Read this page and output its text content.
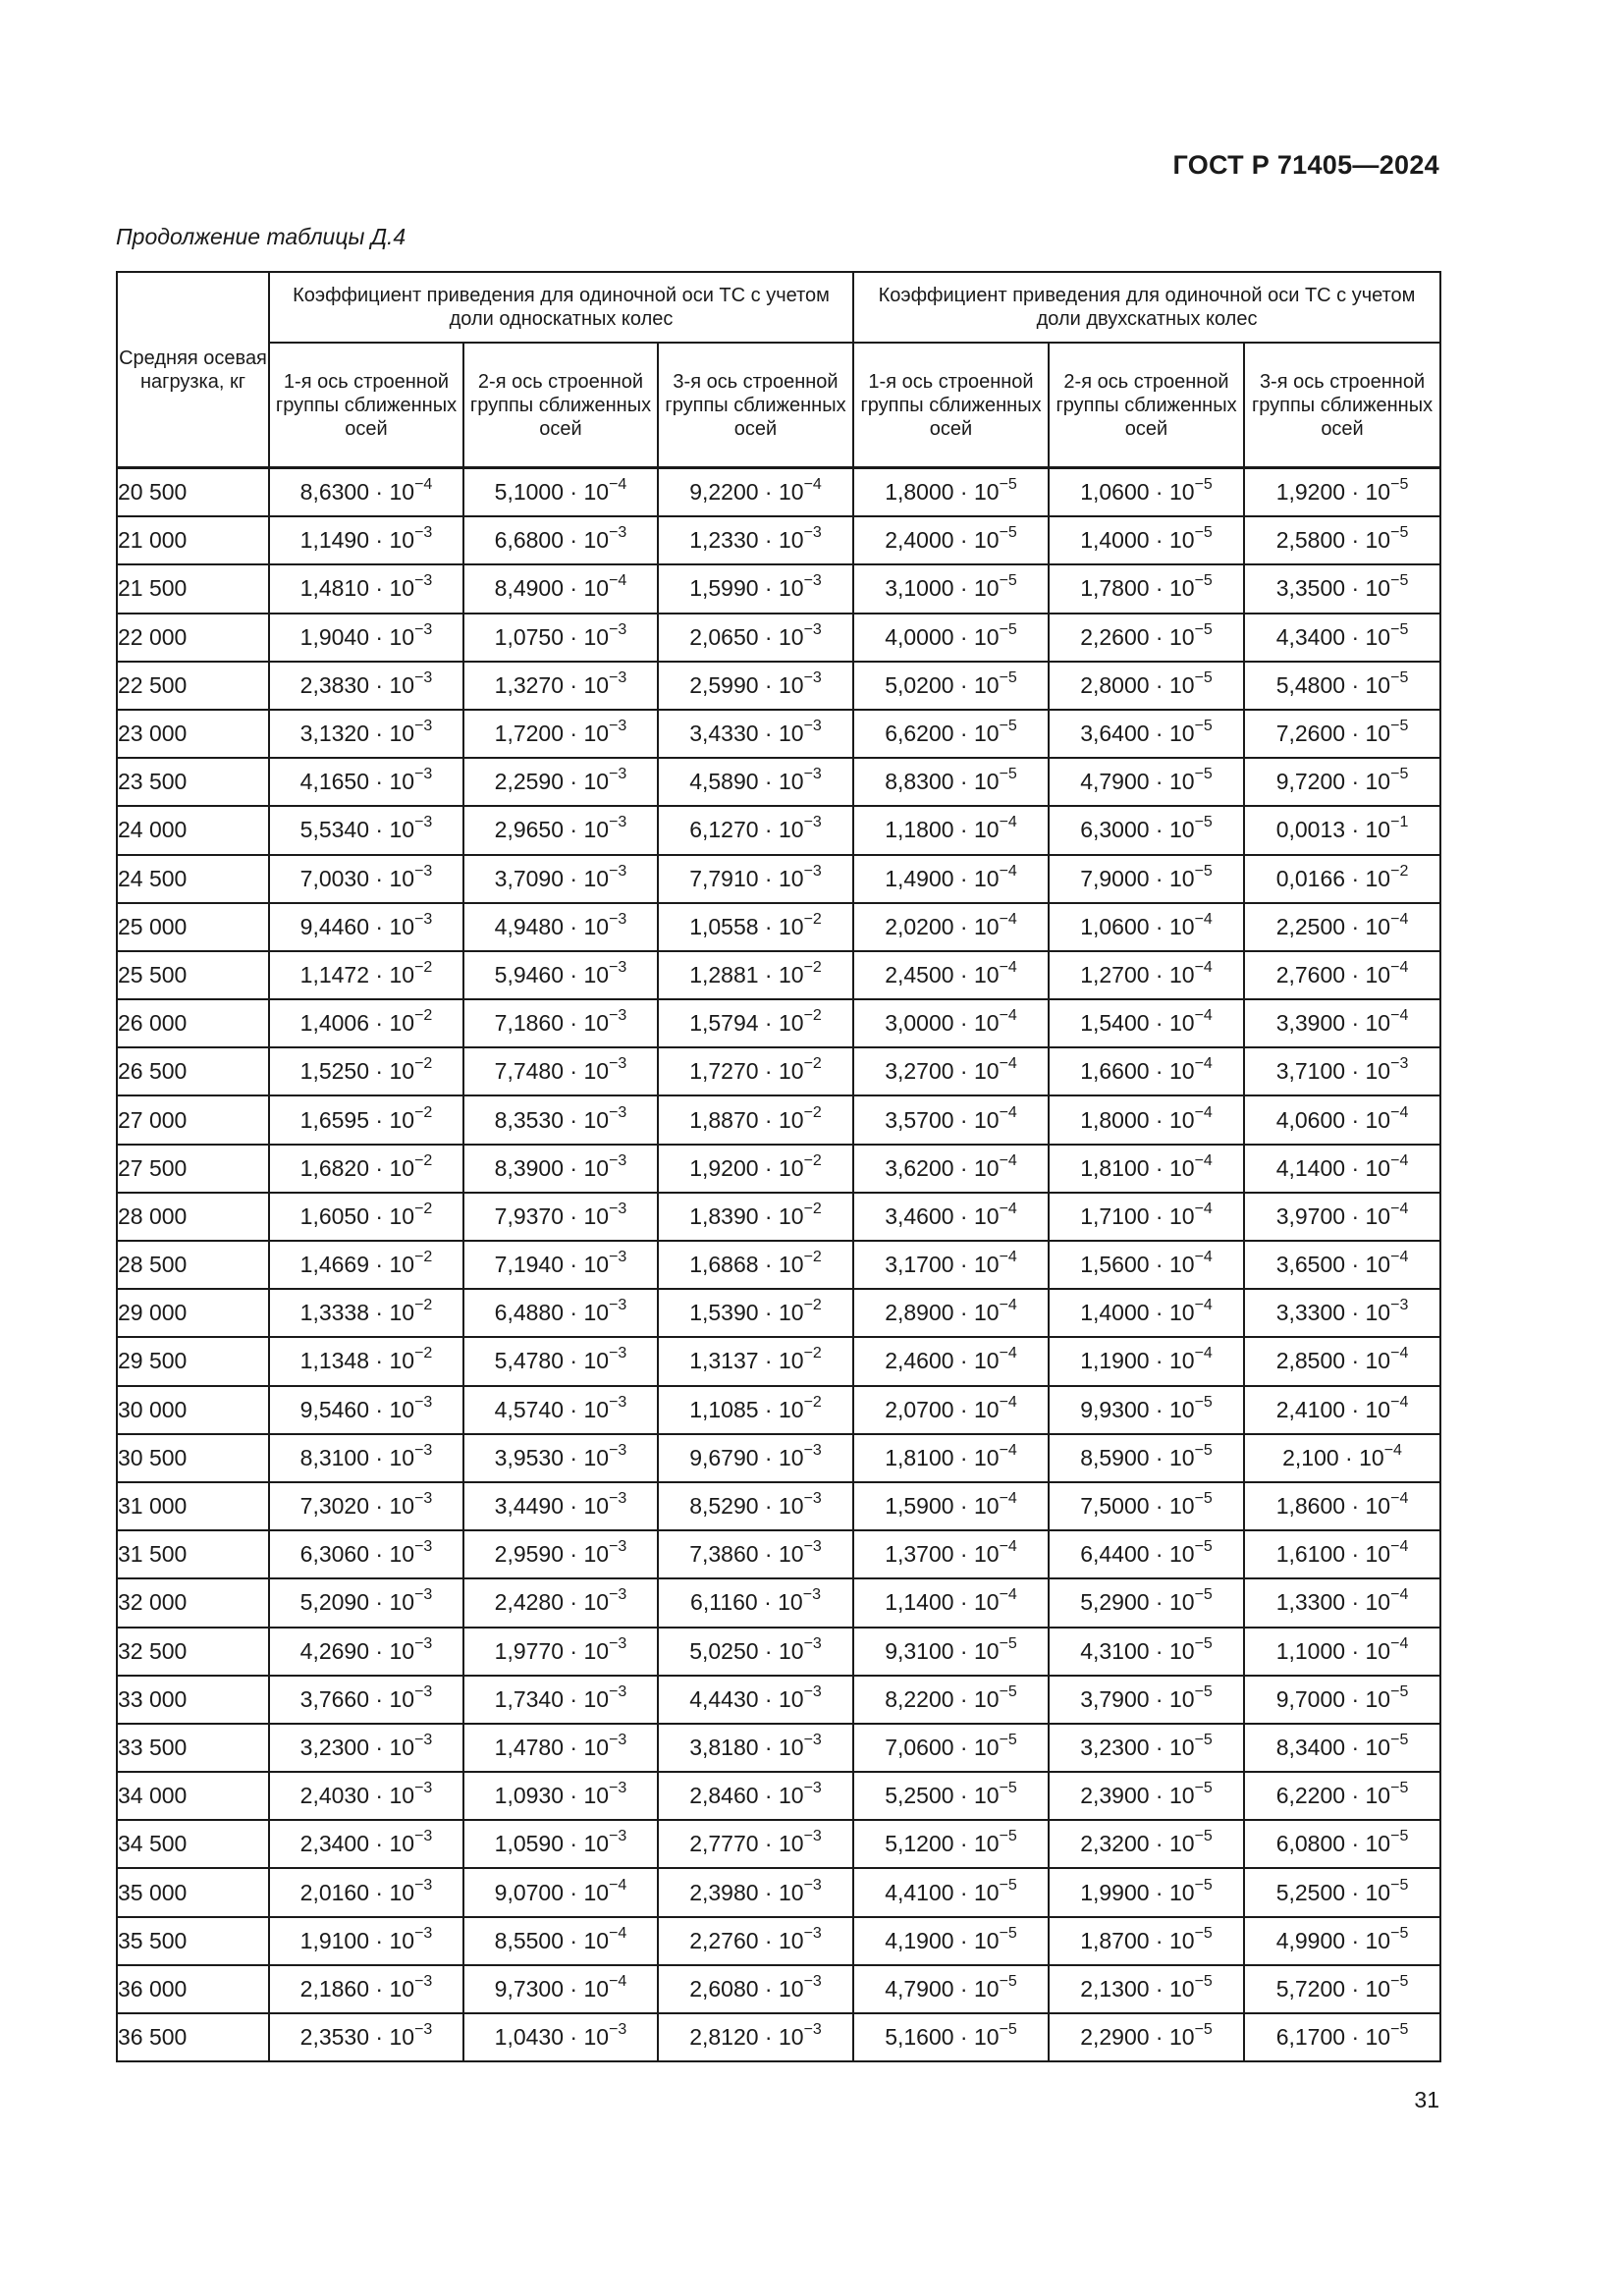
ГОСТ Р 71405—2024
Продолжение таблицы Д.4
Средняя осевая нагрузка, кг	Коэффициент приведения для одиночной оси ТС с учетом доли односкатных колес			Коэффициент приведения для одиночной оси ТС с учетом доли двухскатных колес		
	1-я ось строенной группы сближенных осей	2-я ось строенной группы сближенных осей	3-я ось строенной группы сближенных осей	1-я ось строенной группы сближенных осей	2-я ось строенной группы сближенных осей	3-я ось строенной группы сближенных осей
20 500	$8,6300 \cdot 10^{-4}$	$5,1000 \cdot 10^{-4}$	$9,2200 \cdot 10^{-4}$	$1,8000 \cdot 10^{-5}$	$1,0600 \cdot 10^{-5}$	$1,9200 \cdot 10^{-5}$
21 000	$1,1490 \cdot 10^{-3}$	$6,6800 \cdot 10^{-3}$	$1,2330 \cdot 10^{-3}$	$2,4000 \cdot 10^{-5}$	$1,4000 \cdot 10^{-5}$	$2,5800 \cdot 10^{-5}$
21 500	$1,4810 \cdot 10^{-3}$	$8,4900 \cdot 10^{-4}$	$1,5990 \cdot 10^{-3}$	$3,1000 \cdot 10^{-5}$	$1,7800 \cdot 10^{-5}$	$3,3500 \cdot 10^{-5}$
22 000	$1,9040 \cdot 10^{-3}$	$1,0750 \cdot 10^{-3}$	$2,0650 \cdot 10^{-3}$	$4,0000 \cdot 10^{-5}$	$2,2600 \cdot 10^{-5}$	$4,3400 \cdot 10^{-5}$
22 500	$2,3830 \cdot 10^{-3}$	$1,3270 \cdot 10^{-3}$	$2,5990 \cdot 10^{-3}$	$5,0200 \cdot 10^{-5}$	$2,8000 \cdot 10^{-5}$	$5,4800 \cdot 10^{-5}$
23 000	$3,1320 \cdot 10^{-3}$	$1,7200 \cdot 10^{-3}$	$3,4330 \cdot 10^{-3}$	$6,6200 \cdot 10^{-5}$	$3,6400 \cdot 10^{-5}$	$7,2600 \cdot 10^{-5}$
23 500	$4,1650 \cdot 10^{-3}$	$2,2590 \cdot 10^{-3}$	$4,5890 \cdot 10^{-3}$	$8,8300 \cdot 10^{-5}$	$4,7900 \cdot 10^{-5}$	$9,7200 \cdot 10^{-5}$
24 000	$5,5340 \cdot 10^{-3}$	$2,9650 \cdot 10^{-3}$	$6,1270 \cdot 10^{-3}$	$1,1800 \cdot 10^{-4}$	$6,3000 \cdot 10^{-5}$	$0,0013 \cdot 10^{-1}$
24 500	$7,0030 \cdot 10^{-3}$	$3,7090 \cdot 10^{-3}$	$7,7910 \cdot 10^{-3}$	$1,4900 \cdot 10^{-4}$	$7,9000 \cdot 10^{-5}$	$0,0166 \cdot 10^{-2}$
25 000	$9,4460 \cdot 10^{-3}$	$4,9480 \cdot 10^{-3}$	$1,0558 \cdot 10^{-2}$	$2,0200 \cdot 10^{-4}$	$1,0600 \cdot 10^{-4}$	$2,2500 \cdot 10^{-4}$
25 500	$1,1472 \cdot 10^{-2}$	$5,9460 \cdot 10^{-3}$	$1,2881 \cdot 10^{-2}$	$2,4500 \cdot 10^{-4}$	$1,2700 \cdot 10^{-4}$	$2,7600 \cdot 10^{-4}$
26 000	$1,4006 \cdot 10^{-2}$	$7,1860 \cdot 10^{-3}$	$1,5794 \cdot 10^{-2}$	$3,0000 \cdot 10^{-4}$	$1,5400 \cdot 10^{-4}$	$3,3900 \cdot 10^{-4}$
26 500	$1,5250 \cdot 10^{-2}$	$7,7480 \cdot 10^{-3}$	$1,7270 \cdot 10^{-2}$	$3,2700 \cdot 10^{-4}$	$1,6600 \cdot 10^{-4}$	$3,7100 \cdot 10^{-3}$
27 000	$1,6595 \cdot 10^{-2}$	$8,3530 \cdot 10^{-3}$	$1,8870 \cdot 10^{-2}$	$3,5700 \cdot 10^{-4}$	$1,8000 \cdot 10^{-4}$	$4,0600 \cdot 10^{-4}$
27 500	$1,6820 \cdot 10^{-2}$	$8,3900 \cdot 10^{-3}$	$1,9200 \cdot 10^{-2}$	$3,6200 \cdot 10^{-4}$	$1,8100 \cdot 10^{-4}$	$4,1400 \cdot 10^{-4}$
28 000	$1,6050 \cdot 10^{-2}$	$7,9370 \cdot 10^{-3}$	$1,8390 \cdot 10^{-2}$	$3,4600 \cdot 10^{-4}$	$1,7100 \cdot 10^{-4}$	$3,9700 \cdot 10^{-4}$
28 500	$1,4669 \cdot 10^{-2}$	$7,1940 \cdot 10^{-3}$	$1,6868 \cdot 10^{-2}$	$3,1700 \cdot 10^{-4}$	$1,5600 \cdot 10^{-4}$	$3,6500 \cdot 10^{-4}$
29 000	$1,3338 \cdot 10^{-2}$	$6,4880 \cdot 10^{-3}$	$1,5390 \cdot 10^{-2}$	$2,8900 \cdot 10^{-4}$	$1,4000 \cdot 10^{-4}$	$3,3300 \cdot 10^{-3}$
29 500	$1,1348 \cdot 10^{-2}$	$5,4780 \cdot 10^{-3}$	$1,3137 \cdot 10^{-2}$	$2,4600 \cdot 10^{-4}$	$1,1900 \cdot 10^{-4}$	$2,8500 \cdot 10^{-4}$
30 000	$9,5460 \cdot 10^{-3}$	$4,5740 \cdot 10^{-3}$	$1,1085 \cdot 10^{-2}$	$2,0700 \cdot 10^{-4}$	$9,9300 \cdot 10^{-5}$	$2,4100 \cdot 10^{-4}$
30 500	$8,3100 \cdot 10^{-3}$	$3,9530 \cdot 10^{-3}$	$9,6790 \cdot 10^{-3}$	$1,8100 \cdot 10^{-4}$	$8,5900 \cdot 10^{-5}$	$2,100 \cdot 10^{-4}$
31 000	$7,3020 \cdot 10^{-3}$	$3,4490 \cdot 10^{-3}$	$8,5290 \cdot 10^{-3}$	$1,5900 \cdot 10^{-4}$	$7,5000 \cdot 10^{-5}$	$1,8600 \cdot 10^{-4}$
31 500	$6,3060 \cdot 10^{-3}$	$2,9590 \cdot 10^{-3}$	$7,3860 \cdot 10^{-3}$	$1,3700 \cdot 10^{-4}$	$6,4400 \cdot 10^{-5}$	$1,6100 \cdot 10^{-4}$
32 000	$5,2090 \cdot 10^{-3}$	$2,4280 \cdot 10^{-3}$	$6,1160 \cdot 10^{-3}$	$1,1400 \cdot 10^{-4}$	$5,2900 \cdot 10^{-5}$	$1,3300 \cdot 10^{-4}$
32 500	$4,2690 \cdot 10^{-3}$	$1,9770 \cdot 10^{-3}$	$5,0250 \cdot 10^{-3}$	$9,3100 \cdot 10^{-5}$	$4,3100 \cdot 10^{-5}$	$1,1000 \cdot 10^{-4}$
33 000	$3,7660 \cdot 10^{-3}$	$1,7340 \cdot 10^{-3}$	$4,4430 \cdot 10^{-3}$	$8,2200 \cdot 10^{-5}$	$3,7900 \cdot 10^{-5}$	$9,7000 \cdot 10^{-5}$
33 500	$3,2300 \cdot 10^{-3}$	$1,4780 \cdot 10^{-3}$	$3,8180 \cdot 10^{-3}$	$7,0600 \cdot 10^{-5}$	$3,2300 \cdot 10^{-5}$	$8,3400 \cdot 10^{-5}$
34 000	$2,4030 \cdot 10^{-3}$	$1,0930 \cdot 10^{-3}$	$2,8460 \cdot 10^{-3}$	$5,2500 \cdot 10^{-5}$	$2,3900 \cdot 10^{-5}$	$6,2200 \cdot 10^{-5}$
34 500	$2,3400 \cdot 10^{-3}$	$1,0590 \cdot 10^{-3}$	$2,7770 \cdot 10^{-3}$	$5,1200 \cdot 10^{-5}$	$2,3200 \cdot 10^{-5}$	$6,0800 \cdot 10^{-5}$
35 000	$2,0160 \cdot 10^{-3}$	$9,0700 \cdot 10^{-4}$	$2,3980 \cdot 10^{-3}$	$4,4100 \cdot 10^{-5}$	$1,9900 \cdot 10^{-5}$	$5,2500 \cdot 10^{-5}$
35 500	$1,9100 \cdot 10^{-3}$	$8,5500 \cdot 10^{-4}$	$2,2760 \cdot 10^{-3}$	$4,1900 \cdot 10^{-5}$	$1,8700 \cdot 10^{-5}$	$4,9900 \cdot 10^{-5}$
36 000	$2,1860 \cdot 10^{-3}$	$9,7300 \cdot 10^{-4}$	$2,6080 \cdot 10^{-3}$	$4,7900 \cdot 10^{-5}$	$2,1300 \cdot 10^{-5}$	$5,7200 \cdot 10^{-5}$
36 500	$2,3530 \cdot 10^{-3}$	$1,0430 \cdot 10^{-3}$	$2,8120 \cdot 10^{-3}$	$5,1600 \cdot 10^{-5}$	$2,2900 \cdot 10^{-5}$	$6,1700 \cdot 10^{-5}$
31
